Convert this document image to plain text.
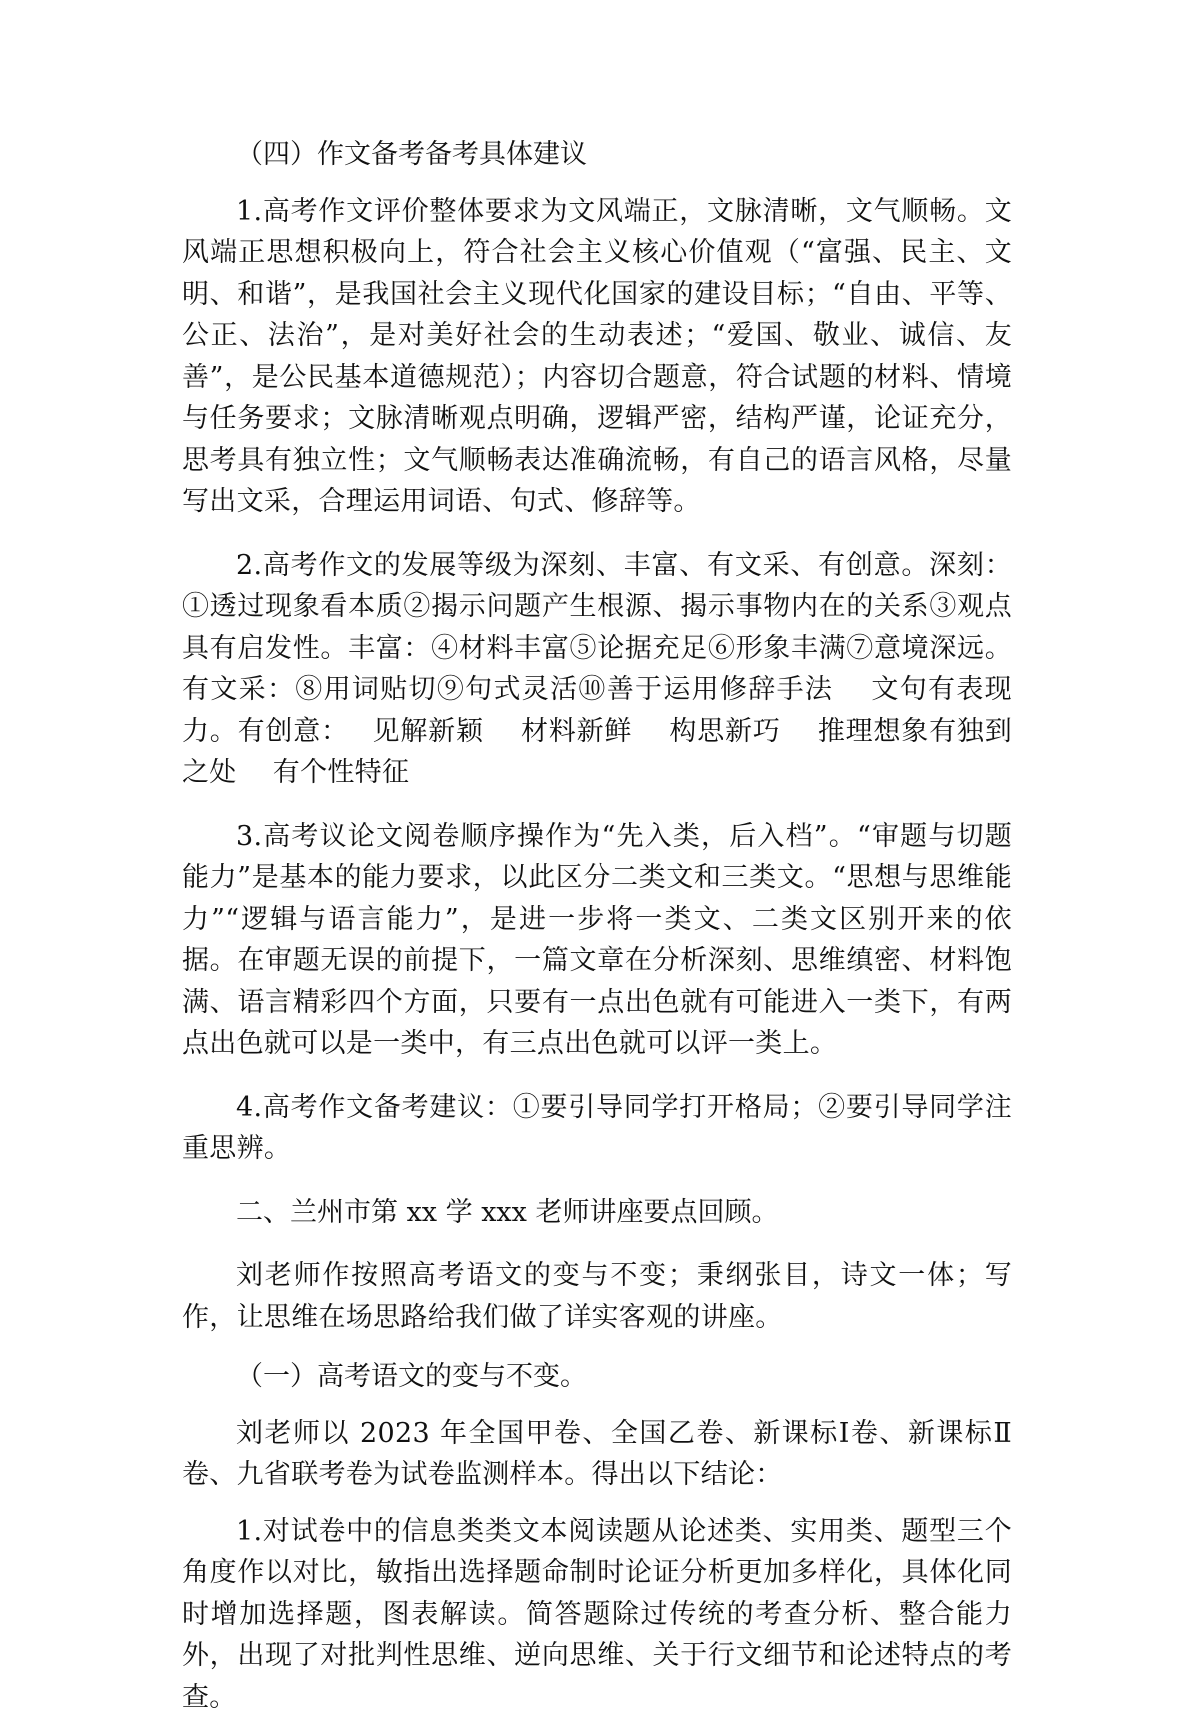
（四）作文备考备考具体建议

1.高考作文评价整体要求为文风端正，文脉清晰，文气顺畅。文风端正思想积极向上，符合社会主义核心价值观（“富强、民主、文明、和谐”，是我国社会主义现代化国家的建设目标；“自由、平等、公正、法治”，是对美好社会的生动表述；“爱国、敬业、诚信、友善”，是公民基本道德规范）；内容切合题意，符合试题的材料、情境与任务要求；文脉清晰观点明确，逻辑严密，结构严谨，论证充分，思考具有独立性；文气顺畅表达准确流畅，有自己的语言风格，尽量写出文采，合理运用词语、句式、修辞等。

2.高考作文的发展等级为深刻、丰富、有文采、有创意。深刻：①透过现象看本质②揭示问题产生根源、揭示事物内在的关系③观点具有启发性。丰富：④材料丰富⑤论据充足⑥形象丰满⑦意境深远。有文采：⑧用词贴切⑨句式灵活⑩善于运用修辞手法　 文句有表现力。有创意：　 见解新颖　 材料新鲜　 构思新巧　 推理想象有独到之处　 有个性特征

3.高考议论文阅卷顺序操作为“先入类，后入档”。“审题与切题能力”是基本的能力要求，以此区分二类文和三类文。“思想与思维能力”“逻辑与语言能力”，是进一步将一类文、二类文区别开来的依据。在审题无误的前提下，一篇文章在分析深刻、思维缜密、材料饱满、语言精彩四个方面，只要有一点出色就有可能进入一类下，有两点出色就可以是一类中，有三点出色就可以评一类上。

4.高考作文备考建议：①要引导同学打开格局；②要引导同学注重思辨。

二、兰州市第 xx 学 xxx 老师讲座要点回顾。

刘老师作按照高考语文的变与不变；秉纲张目，诗文一体；写作，让思维在场思路给我们做了详实客观的讲座。

（一）高考语文的变与不变。

刘老师以 2023 年全国甲卷、全国乙卷、新课标Ⅰ卷、新课标Ⅱ卷、九省联考卷为试卷监测样本。得出以下结论：

1.对试卷中的信息类类文本阅读题从论述类、实用类、题型三个角度作以对比，敏指出选择题命制时论证分析更加多样化，具体化同时增加选择题，图表解读。简答题除过传统的考查分析、整合能力外，出现了对批判性思维、逆向思维、关于行文细节和论述特点的考查。
